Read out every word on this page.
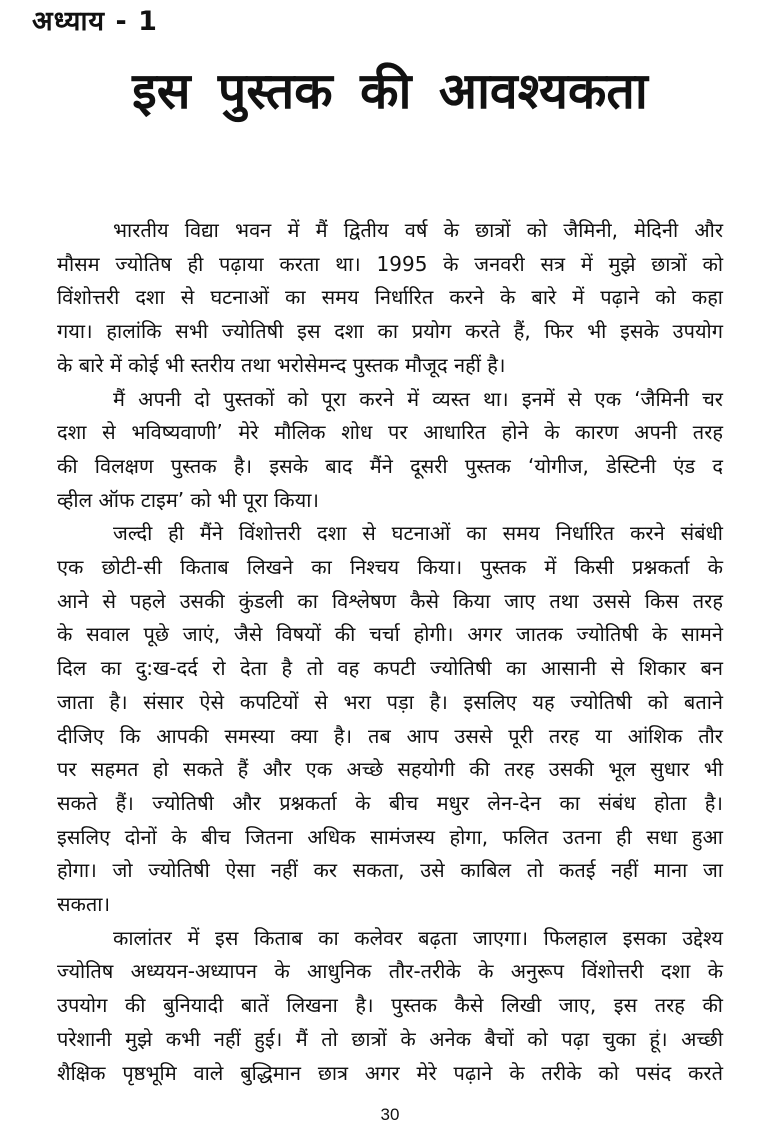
अध्याय - 1
इस पुस्तक की आवश्यकता
भारतीय विद्या भवन में मैं द्वितीय वर्ष के छात्रों को जैमिनी, मेदिनी और
मौसम ज्योतिष ही पढ़ाया करता था। 1995 के जनवरी सत्र में मुझे छात्रों को
विंशोत्तरी दशा से घटनाओं का समय निर्धारित करने के बारे में पढ़ाने को कहा
गया। हालांकि सभी ज्योतिषी इस दशा का प्रयोग करते हैं, फिर भी इसके उपयोग
के बारे में कोई भी स्तरीय तथा भरोसेमन्द पुस्तक मौजूद नहीं है।
मैं अपनी दो पुस्तकों को पूरा करने में व्यस्त था। इनमें से एक ‘जैमिनी चर
दशा से भविष्यवाणी’ मेरे मौलिक शोध पर आधारित होने के कारण अपनी तरह
की विलक्षण पुस्तक है। इसके बाद मैंने दूसरी पुस्तक ‘योगीज, डेस्टिनी एंड द
व्हील ऑफ टाइम’ को भी पूरा किया।
जल्दी ही मैंने विंशोत्तरी दशा से घटनाओं का समय निर्धारित करने संबंधी
एक छोटी-सी किताब लिखने का निश्चय किया। पुस्तक में किसी प्रश्नकर्ता के
आने से पहले उसकी कुंडली का विश्लेषण कैसे किया जाए तथा उससे किस तरह
के सवाल पूछे जाएं, जैसे विषयों की चर्चा होगी। अगर जातक ज्योतिषी के सामने
दिल का दु:ख-दर्द रो देता है तो वह कपटी ज्योतिषी का आसानी से शिकार बन
जाता है। संसार ऐसे कपटियों से भरा पड़ा है। इसलिए यह ज्योतिषी को बताने
दीजिए कि आपकी समस्या क्या है। तब आप उससे पूरी तरह या आंशिक तौर
पर सहमत हो सकते हैं और एक अच्छे सहयोगी की तरह उसकी भूल सुधार भी
सकते हैं। ज्योतिषी और प्रश्नकर्ता के बीच मधुर लेन-देन का संबंध होता है।
इसलिए दोनों के बीच जितना अधिक सामंजस्य होगा, फलित उतना ही सधा हुआ
होगा। जो ज्योतिषी ऐसा नहीं कर सकता, उसे काबिल तो कतई नहीं माना जा
सकता।
कालांतर में इस किताब का कलेवर बढ़ता जाएगा। फिलहाल इसका उद्देश्य
ज्योतिष अध्ययन-अध्यापन के आधुनिक तौर-तरीके के अनुरूप विंशोत्तरी दशा के
उपयोग की बुनियादी बातें लिखना है। पुस्तक कैसे लिखी जाए, इस तरह की
परेशानी मुझे कभी नहीं हुई। मैं तो छात्रों के अनेक बैचों को पढ़ा चुका हूं। अच्छी
शैक्षिक पृष्ठभूमि वाले बुद्धिमान छात्र अगर मेरे पढ़ाने के तरीके को पसंद करते
30
